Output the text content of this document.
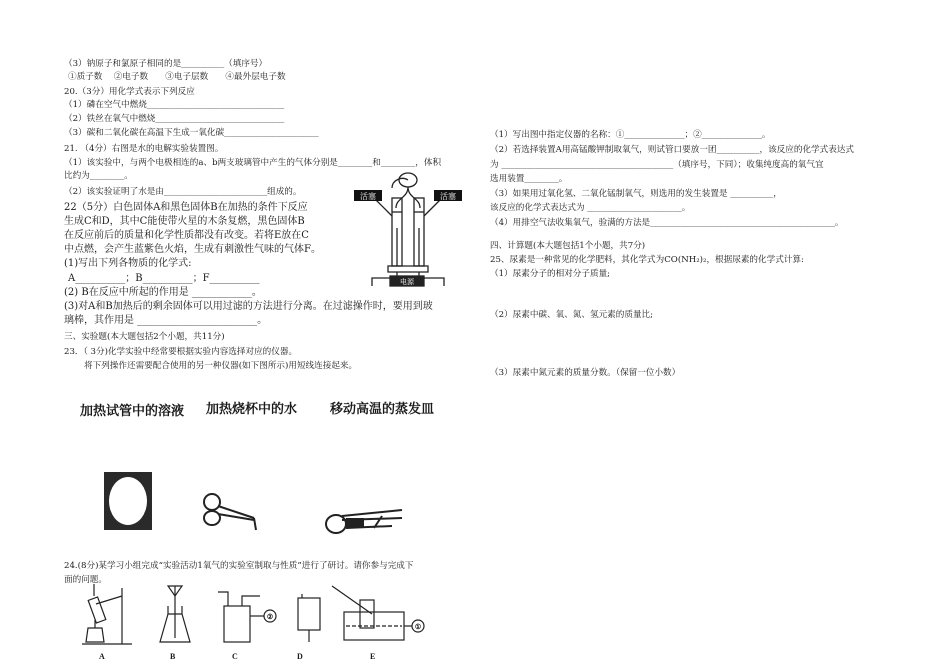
（3）钠原子和氯原子相同的是__________（填序号）
①质子数　 ②电子数　　③电子层数　　④最外层电子数
20.（3分）用化学式表示下列反应
（1）磷在空气中燃烧________________________________
（2）铁丝在氧气中燃烧______________________________
（3）碳和二氧化碳在高温下生成一氧化碳______________________
21. （4分）右图是水的电解实验装置图。
（1）该实验中，与两个电极相连的a、b两支玻璃管中产生的气体分别是________和________，体积
比约为________。
（2）该实验证明了水是由________________________组成的。
22（5分）白色固体A和黑色固体B在加热的条件下反应
生成C和D，其中C能使带火星的木条复燃，黑色固体B
在反应前后的质量和化学性质都没有改变。若将E放在C
中点燃，会产生蓝紫色火焰，生成有刺激性气味的气体F。
(1)写出下列各物质的化学式:
A__________；B__________；F__________
(2) B在反应中所起的作用是 ____________。
(3)对A和B加热后的剩余固体可以用过滤的方法进行分离。在过滤操作时，要用到玻
璃棒，其作用是 ________________________。
三、实验题(本大题包括2个小题，共11分)
23．（ 3分)化学实验中经常要根据实验内容选择对应的仪器。
将下列操作还需要配合使用的另一种仪器(如下图所示)用短线连接起来。
活塞	活塞
电源
加热试管中的溶液 加热烧杯中的水	移动高温的蒸发皿
24.(8分)某学习小组完成“实验活动1氧气的实验室制取与性质”进行了研讨。请你参与完成下
面的问题。
②
①
A	B	C	D	E
（1）写出图中指定仪器的名称：①______________；②______________。
（2）若选择装置A用高锰酸钾制取氧气，则试管口要放一团__________，该反应的化学式表达式
为 ________________________________________（填序号，下同）；收集纯度高的氧气宜
选用装置________。
（3）如果用过氧化氢、二氧化锰制氧气，则选用的发生装置是 __________，
该反应的化学式表达式为 ______________________。
（4）用排空气法收集氧气，验满的方法是___________________________________________。
四、计算题(本大题包括1个小题，共7分)
25、尿素是一种常见的化学肥料，其化学式为CO(NH₂)₂，根据尿素的化学式计算:
（1）尿素分子的相对分子质量;
（2）尿素中碳、氧、氮、氢元素的质量比;
（3）尿素中氮元素的质量分数。（保留一位小数）
